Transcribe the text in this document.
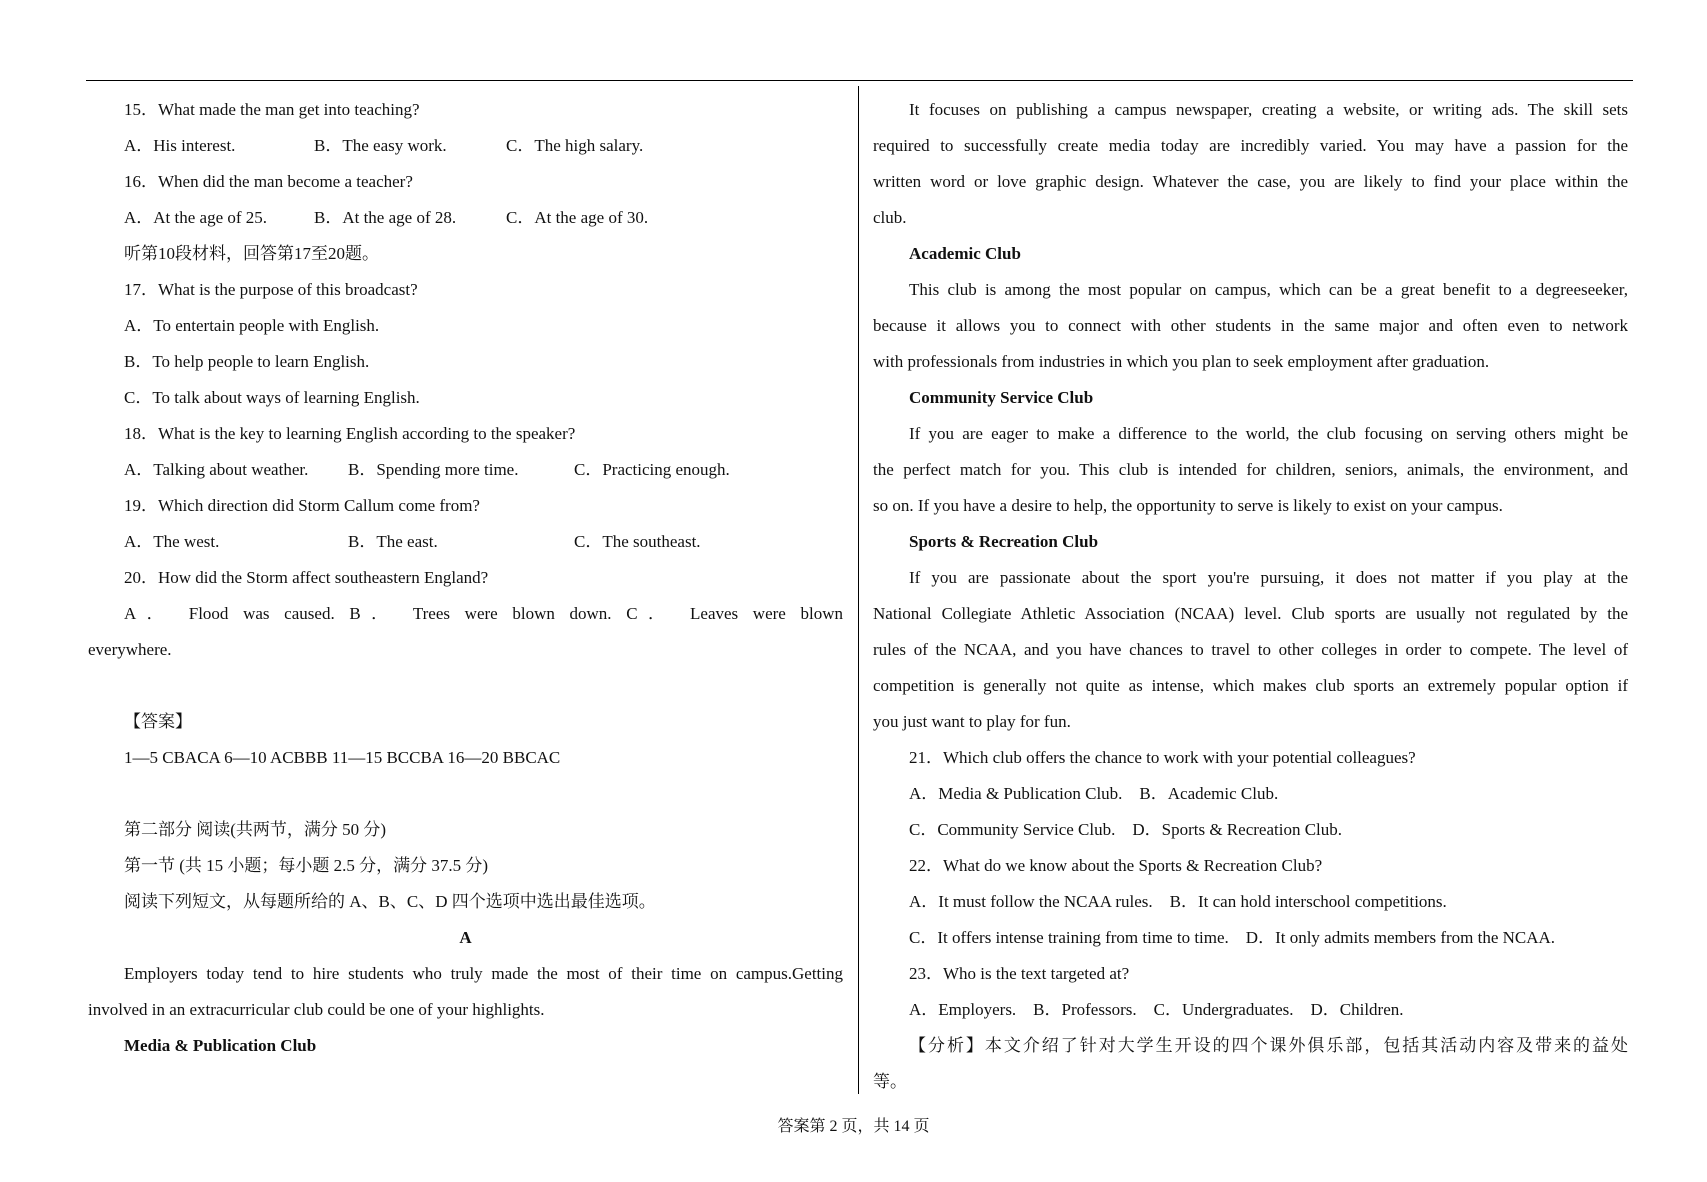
15．What made the man get into teaching?
A．His interest.	B．The easy work.	C．The high salary.
16．When did the man become a teacher?
A．At the age of 25.	B．At the age of 28.	C．At the age of 30.
听第10段材料，回答第17至20题。
17．What is the purpose of this broadcast?
A．To entertain people with English.
B．To help people to learn English.
C．To talk about ways of learning English.
18．What is the key to learning English according to the speaker?
A．Talking about weather. B．Spending more time.	C．Practicing enough.
19．Which direction did Storm Callum come from?
A．The west.	B．The east.	C．The southeast.
20．How did the Storm affect southeastern England?
A． Flood was caused. B． Trees were blown down. C． Leaves were blown
everywhere.
【答案】
1—5 CBACA 6—10 ACBBB 11—15 BCCBA 16—20 BBCAC
第二部分 阅读(共两节，满分 50 分)
第一节 (共 15 小题；每小题 2.5 分，满分 37.5 分)
阅读下列短文，从每题所给的 A、B、C、D 四个选项中选出最佳选项。
A
Employers today tend to hire students who truly made the most of their time on campus.Getting
involved in an extracurricular club could be one of your highlights.
Media & Publication Club
It focuses on publishing a campus newspaper, creating a website, or writing ads. The skill sets
required to successfully create media today are incredibly varied. You may have a passion for the
written word or love graphic design. Whatever the case, you are likely to find your place within the
club.
Academic Club
This club is among the most popular on campus, which can be a great benefit to a degreeseeker,
because it allows you to connect with other students in the same major and often even to network
with professionals from industries in which you plan to seek employment after graduation.
Community Service Club
If you are eager to make a difference to the world, the club focusing on serving others might be
the perfect match for you. This club is intended for children, seniors, animals, the environment, and
so on. If you have a desire to help, the opportunity to serve is likely to exist on your campus.
Sports & Recreation Club
If you are passionate about the sport you're pursuing, it does not matter if you play at the
National Collegiate Athletic Association (NCAA) level. Club sports are usually not regulated by the
rules of the NCAA, and you have chances to travel to other colleges in order to compete. The level of
competition is generally not quite as intense, which makes club sports an extremely popular option if
you just want to play for fun.
21．Which club offers the chance to work with your potential colleagues?
A．Media & Publication Club.    B．Academic Club.
C．Community Service Club.    D．Sports & Recreation Club.
22．What do we know about the Sports & Recreation Club?
A．It must follow the NCAA rules.    B．It can hold interschool competitions.
C．It offers intense training from time to time.    D．It only admits members from the NCAA.
23．Who is the text targeted at?
A．Employers.    B．Professors.    C．Undergraduates.    D．Children.
【分析】本文介绍了针对大学生开设的四个课外俱乐部，包括其活动内容及带来的益处
等。
答案第 2 页，共 14 页
